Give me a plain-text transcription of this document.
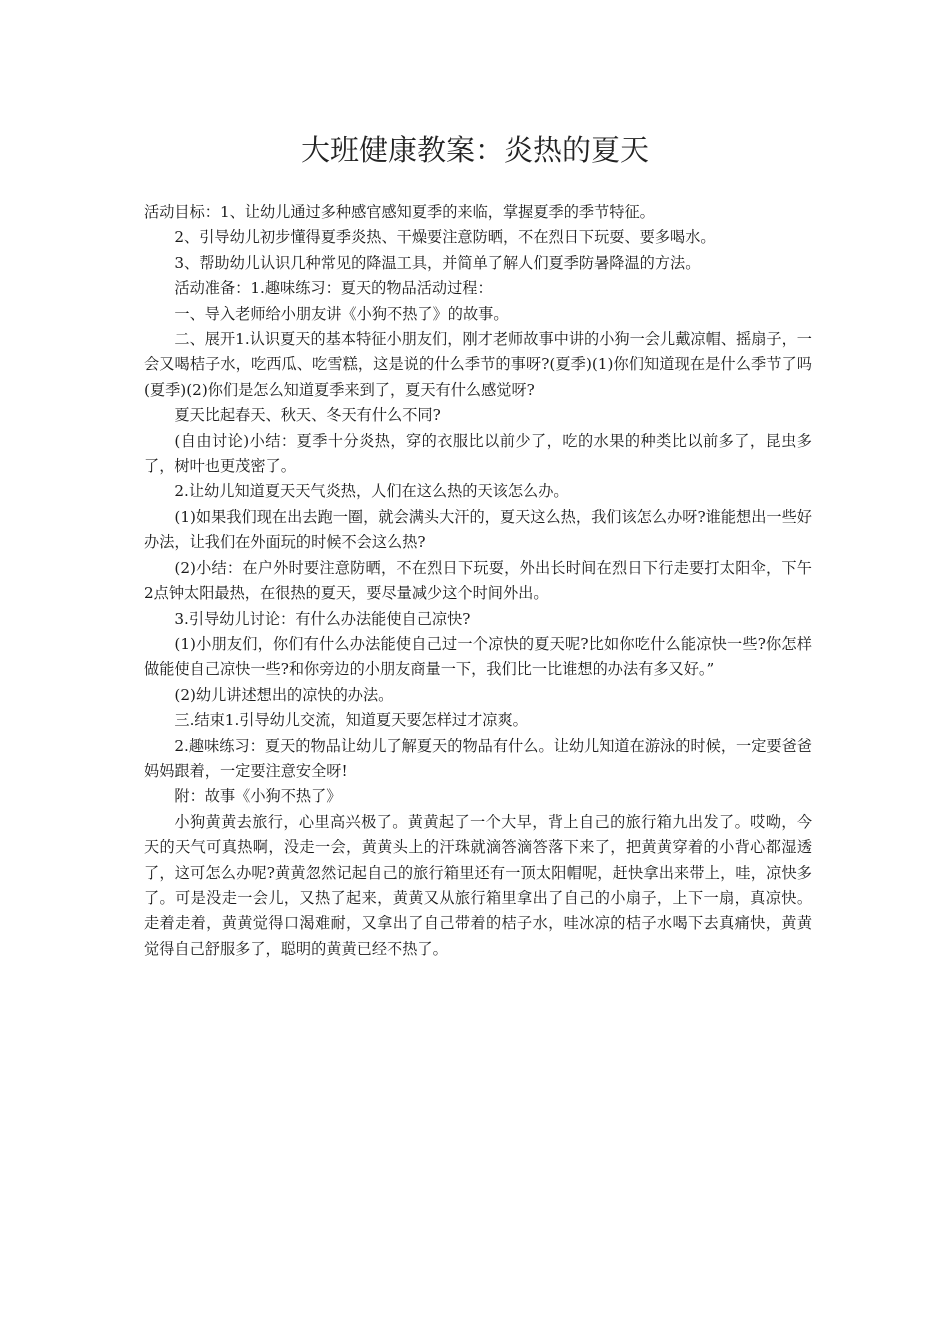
大班健康教案：炎热的夏天

活动目标：1、让幼儿通过多种感官感知夏季的来临，掌握夏季的季节特征。

2、引导幼儿初步懂得夏季炎热、干燥要注意防晒，不在烈日下玩耍、要多喝水。

3、帮助幼儿认识几种常见的降温工具，并简单了解人们夏季防暑降温的方法。

活动准备：1.趣味练习：夏天的物品活动过程：

一、导入老师给小朋友讲《小狗不热了》的故事。

二、展开1.认识夏天的基本特征小朋友们，刚才老师故事中讲的小狗一会儿戴凉帽、摇扇子，一会又喝桔子水，吃西瓜、吃雪糕，这是说的什么季节的事呀?(夏季)(1)你们知道现在是什么季节了吗(夏季)(2)你们是怎么知道夏季来到了，夏天有什么感觉呀?

夏天比起春天、秋天、冬天有什么不同?

(自由讨论)小结：夏季十分炎热，穿的衣服比以前少了，吃的水果的种类比以前多了，昆虫多了，树叶也更茂密了。

2.让幼儿知道夏天天气炎热，人们在这么热的天该怎么办。

(1)如果我们现在出去跑一圈，就会满头大汗的，夏天这么热，我们该怎么办呀?谁能想出一些好办法，让我们在外面玩的时候不会这么热?

(2)小结：在户外时要注意防晒，不在烈日下玩耍，外出长时间在烈日下行走要打太阳伞，下午2点钟太阳最热，在很热的夏天，要尽量减少这个时间外出。

3.引导幼儿讨论：有什么办法能使自己凉快?

(1)小朋友们，你们有什么办法能使自己过一个凉快的夏天呢?比如你吃什么能凉快一些?你怎样做能使自己凉快一些?和你旁边的小朋友商量一下，我们比一比谁想的办法有多又好。”

(2)幼儿讲述想出的凉快的办法。

三.结束1.引导幼儿交流，知道夏天要怎样过才凉爽。

2.趣味练习：夏天的物品让幼儿了解夏天的物品有什么。让幼儿知道在游泳的时候，一定要爸爸妈妈跟着，一定要注意安全呀!

附：故事《小狗不热了》

小狗黄黄去旅行，心里高兴极了。黄黄起了一个大早，背上自己的旅行箱九出发了。哎呦，今天的天气可真热啊，没走一会，黄黄头上的汗珠就滴答滴答落下来了，把黄黄穿着的小背心都湿透了，这可怎么办呢?黄黄忽然记起自己的旅行箱里还有一顶太阳帽呢，赶快拿出来带上，哇，凉快多了。可是没走一会儿，又热了起来，黄黄又从旅行箱里拿出了自己的小扇子，上下一扇，真凉快。走着走着，黄黄觉得口渴难耐，又拿出了自己带着的桔子水，哇冰凉的桔子水喝下去真痛快，黄黄觉得自己舒服多了，聪明的黄黄已经不热了。
